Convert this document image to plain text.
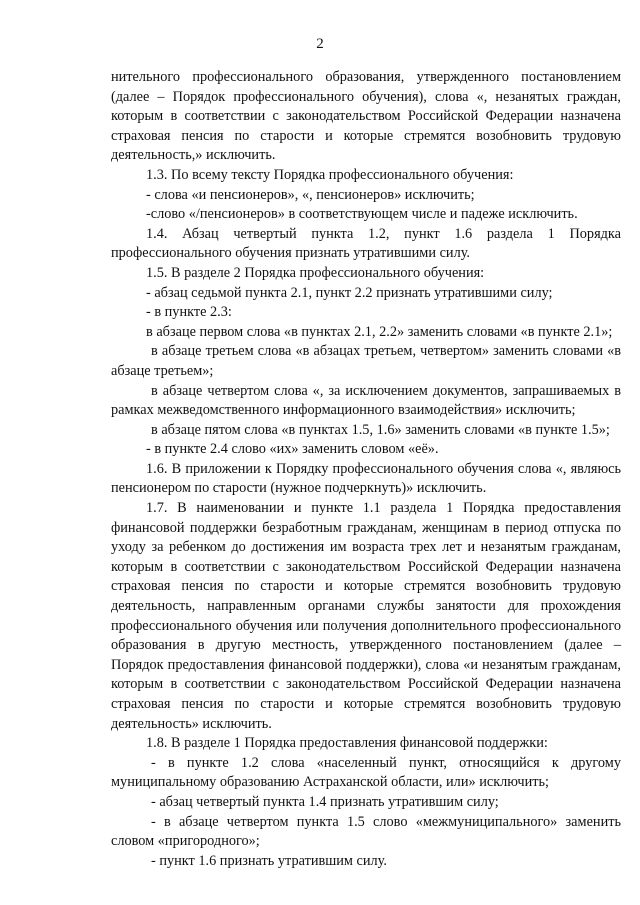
2

нительного профессионального образования, утвержденного постановлением (далее – Порядок профессионального обучения), слова «, незанятых граждан, которым в соответствии с законодательством Российской Федерации назначена страховая пенсия по старости и которые стремятся возобновить трудовую деятельность,» исключить.

1.3. По всему тексту Порядка профессионального обучения:

- слова «и пенсионеров», «, пенсионеров» исключить;

-слово «/пенсионеров» в соответствующем числе и падеже исключить.

1.4. Абзац четвертый пункта 1.2, пункт 1.6 раздела 1 Порядка профессионального обучения признать утратившими силу.

1.5. В разделе 2 Порядка профессионального обучения:

- абзац седьмой пункта 2.1, пункт 2.2 признать утратившими силу;

- в пункте 2.3:

в абзаце первом слова «в пунктах 2.1, 2.2» заменить словами «в пункте 2.1»;

в абзаце третьем слова «в абзацах третьем, четвертом» заменить словами «в абзаце третьем»;

в абзаце четвертом слова «, за исключением документов, запрашиваемых в рамках межведомственного информационного взаимодействия» исключить;

в абзаце пятом слова «в пунктах 1.5, 1.6» заменить словами «в пункте 1.5»;

- в пункте 2.4 слово «их» заменить словом «её».

1.6. В приложении к Порядку профессионального обучения слова «, являюсь пенсионером по старости (нужное подчеркнуть)» исключить.

1.7. В наименовании и пункте 1.1 раздела 1 Порядка предоставления финансовой поддержки безработным гражданам, женщинам в период отпуска по уходу за ребенком до достижения им возраста трех лет и незанятым гражданам, которым в соответствии с законодательством Российской Федерации назначена страховая пенсия по старости и которые стремятся возобновить трудовую деятельность, направленным органами службы занятости для прохождения профессионального обучения или получения дополнительного профессионального образования в другую местность, утвержденного постановлением (далее – Порядок предоставления финансовой поддержки), слова «и незанятым гражданам, которым в соответствии с законодательством Российской Федерации назначена страховая пенсия по старости и которые стремятся возобновить трудовую деятельность» исключить.

1.8. В разделе 1 Порядка предоставления финансовой поддержки:

- в пункте 1.2 слова «населенный пункт, относящийся к другому муниципальному образованию Астраханской области, или» исключить;

- абзац четвертый пункта 1.4 признать утратившим силу;

- в абзаце четвертом пункта 1.5 слово «межмуниципального» заменить словом «пригородного»;

- пункт 1.6 признать утратившим силу.
